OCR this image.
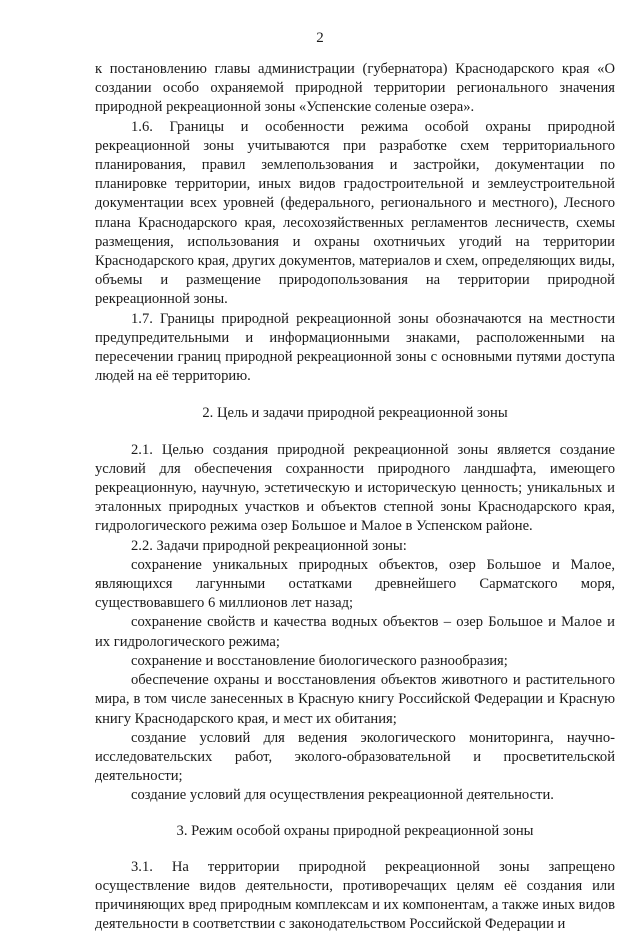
2

к постановлению главы администрации (губернатора) Краснодарского края «О создании особо охраняемой природной территории регионального значения природной рекреационной зоны «Успенские соленые озера».

1.6. Границы и особенности режима особой охраны природной рекреационной зоны учитываются при разработке схем территориального планирования, правил землепользования и застройки, документации по планировке территории, иных видов градостроительной и землеустроительной документации всех уровней (федерального, регионального и местного), Лесного плана Краснодарского края, лесохозяйственных регламентов лесничеств, схемы размещения, использования и охраны охотничьих угодий на территории Краснодарского края, других документов, материалов и схем, определяющих виды, объемы и размещение природопользования на территории природной рекреационной зоны.

1.7. Границы природной рекреационной зоны обозначаются на местности предупредительными и информационными знаками, расположенными на пересечении границ природной рекреационной зоны с основными путями доступа людей на её территорию.

2. Цель и задачи природной рекреационной зоны

2.1. Целью создания природной рекреационной зоны является создание условий для обеспечения сохранности природного ландшафта, имеющего рекреационную, научную, эстетическую и историческую ценность; уникальных и эталонных природных участков и объектов степной зоны Краснодарского края, гидрологического режима озер Большое и Малое в Успенском районе.

2.2. Задачи природной рекреационной зоны:

сохранение уникальных природных объектов, озер Большое и Малое, являющихся лагунными остатками древнейшего Сарматского моря, существовавшего 6 миллионов лет назад;

сохранение свойств и качества водных объектов – озер Большое и Малое и их гидрологического режима;

сохранение и восстановление биологического разнообразия;

обеспечение охраны и восстановления объектов животного и растительного мира, в том числе занесенных в Красную книгу Российской Федерации и Красную книгу Краснодарского края, и мест их обитания;

создание условий для ведения экологического мониторинга, научно-исследовательских работ, эколого-образовательной и просветительской деятельности;

создание условий для осуществления рекреационной деятельности.

3. Режим особой охраны природной рекреационной зоны

3.1. На территории природной рекреационной зоны запрещено осуществление видов деятельности, противоречащих целям её создания или причиняющих вред природным комплексам и их компонентам, а также иных видов деятельности в соответствии с законодательством Российской Федерации и
